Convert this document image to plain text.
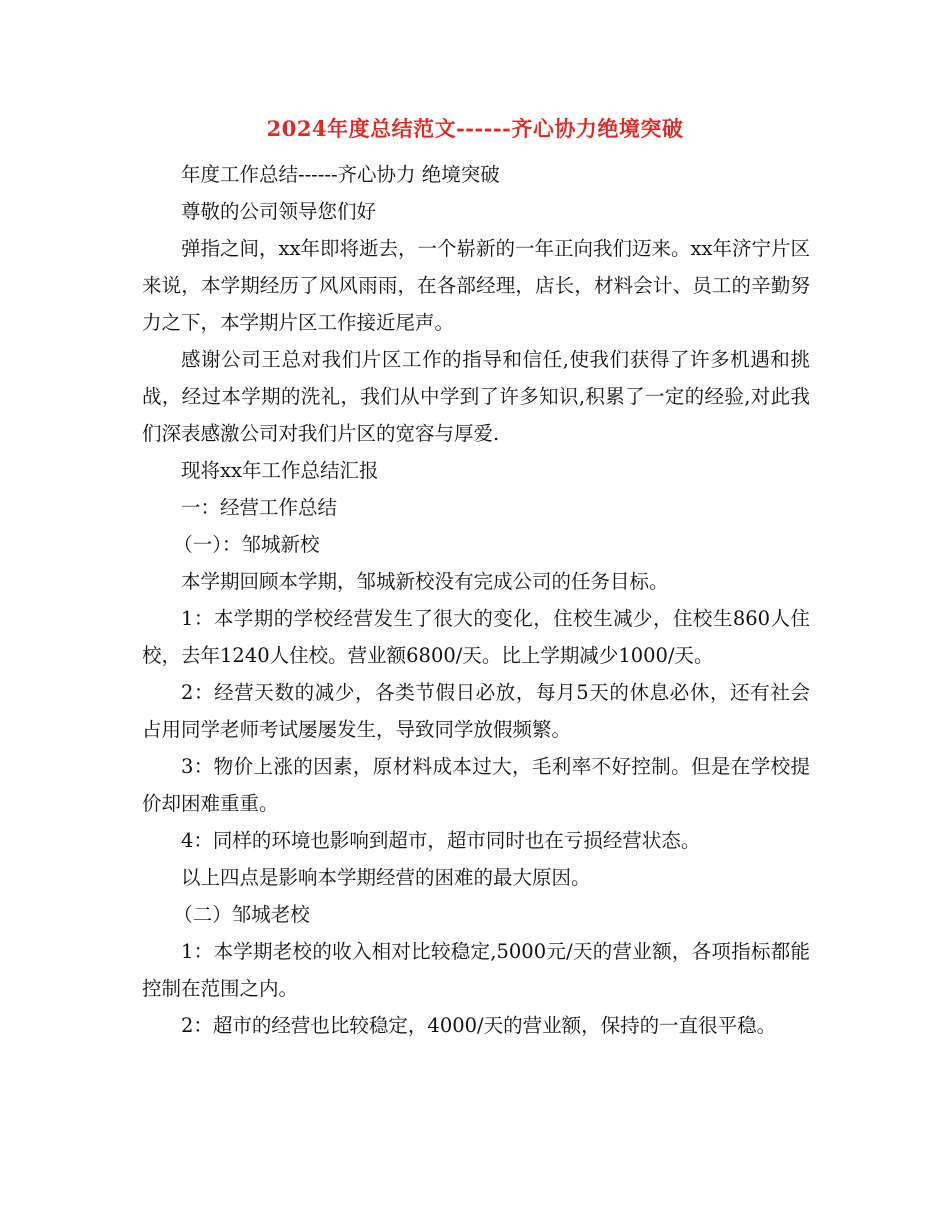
2024年度总结范文------齐心协力绝境突破

年度工作总结------齐心协力 绝境突破

尊敬的公司领导您们好

弹指之间，xx年即将逝去，一个崭新的一年正向我们迈来。xx年济宁片区来说，本学期经历了风风雨雨，在各部经理，店长，材料会计、员工的辛勤努力之下，本学期片区工作接近尾声。

感谢公司王总对我们片区工作的指导和信任,使我们获得了许多机遇和挑战，经过本学期的洗礼，我们从中学到了许多知识,积累了一定的经验,对此我们深表感激公司对我们片区的宽容与厚爱.

现将xx年工作总结汇报

一：经营工作总结

（一）：邹城新校

本学期回顾本学期，邹城新校没有完成公司的任务目标。

1：本学期的学校经营发生了很大的变化，住校生减少，住校生860人住校，去年1240人住校。营业额6800/天。比上学期减少1000/天。

2：经营天数的减少，各类节假日必放，每月5天的休息必休，还有社会占用同学老师考试屡屡发生，导致同学放假频繁。

3：物价上涨的因素，原材料成本过大，毛利率不好控制。但是在学校提价却困难重重。

4：同样的环境也影响到超市，超市同时也在亏损经营状态。

以上四点是影响本学期经营的困难的最大原因。

（二）邹城老校

1：本学期老校的收入相对比较稳定,5000元/天的营业额，各项指标都能控制在范围之内。

2：超市的经营也比较稳定，4000/天的营业额，保持的一直很平稳。
